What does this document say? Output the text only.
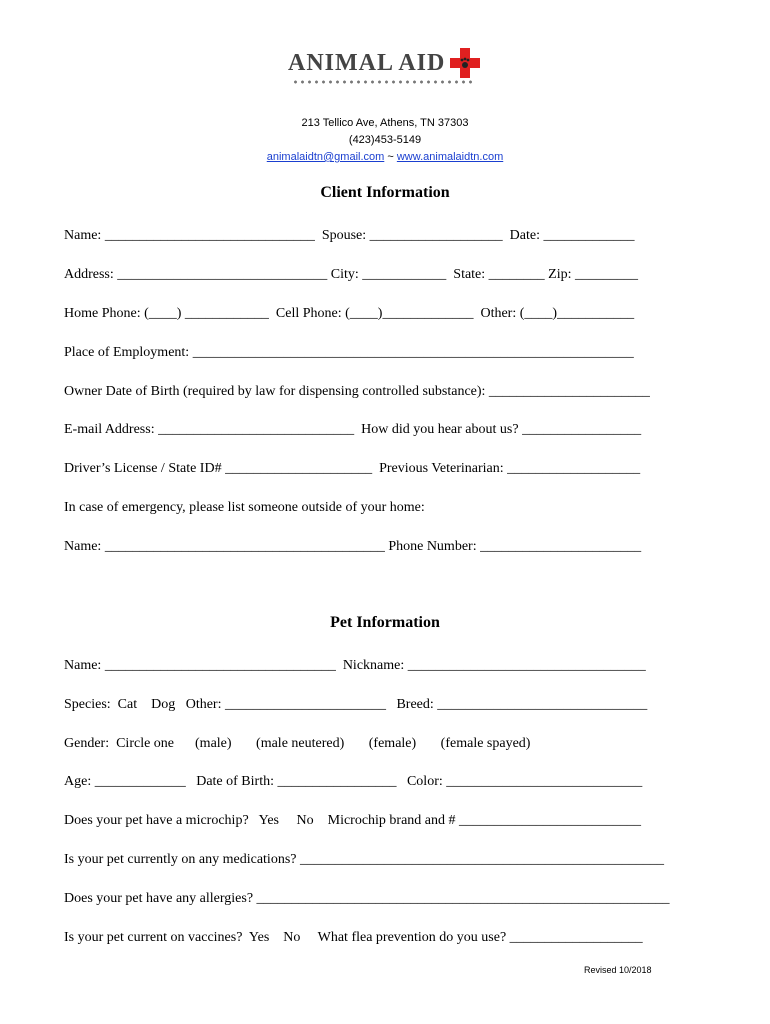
ANIMAL AID
213 Tellico Ave, Athens, TN 37303
(423)453-5149
animalaidtn@gmail.com ~ www.animalaidtn.com
Client Information
Name: ______________________________  Spouse: ___________________  Date: _____________
Address: ______________________________ City: ____________  State: ________ Zip: _________
Home Phone: (____) ____________  Cell Phone: (____)_____________  Other: (____)___________
Place of Employment: _______________________________________________________________
Owner Date of Birth (required by law for dispensing controlled substance): _______________________
E-mail Address: ____________________________  How did you hear about us? _________________
Driver’s License / State ID# _____________________  Previous Veterinarian: ___________________
In case of emergency, please list someone outside of your home:
Name: ________________________________________ Phone Number: _______________________
Pet Information
Name: _________________________________  Nickname: __________________________________
Species:  Cat    Dog   Other: _______________________   Breed: ______________________________
Gender:  Circle one      (male)       (male neutered)       (female)       (female spayed)
Age: _____________   Date of Birth: _________________   Color: ____________________________
Does your pet have a microchip?   Yes     No    Microchip brand and # __________________________
Is your pet currently on any medications? ____________________________________________________
Does your pet have any allergies? ___________________________________________________________
Is your pet current on vaccines?  Yes    No     What flea prevention do you use? ___________________
Revised 10/2018
